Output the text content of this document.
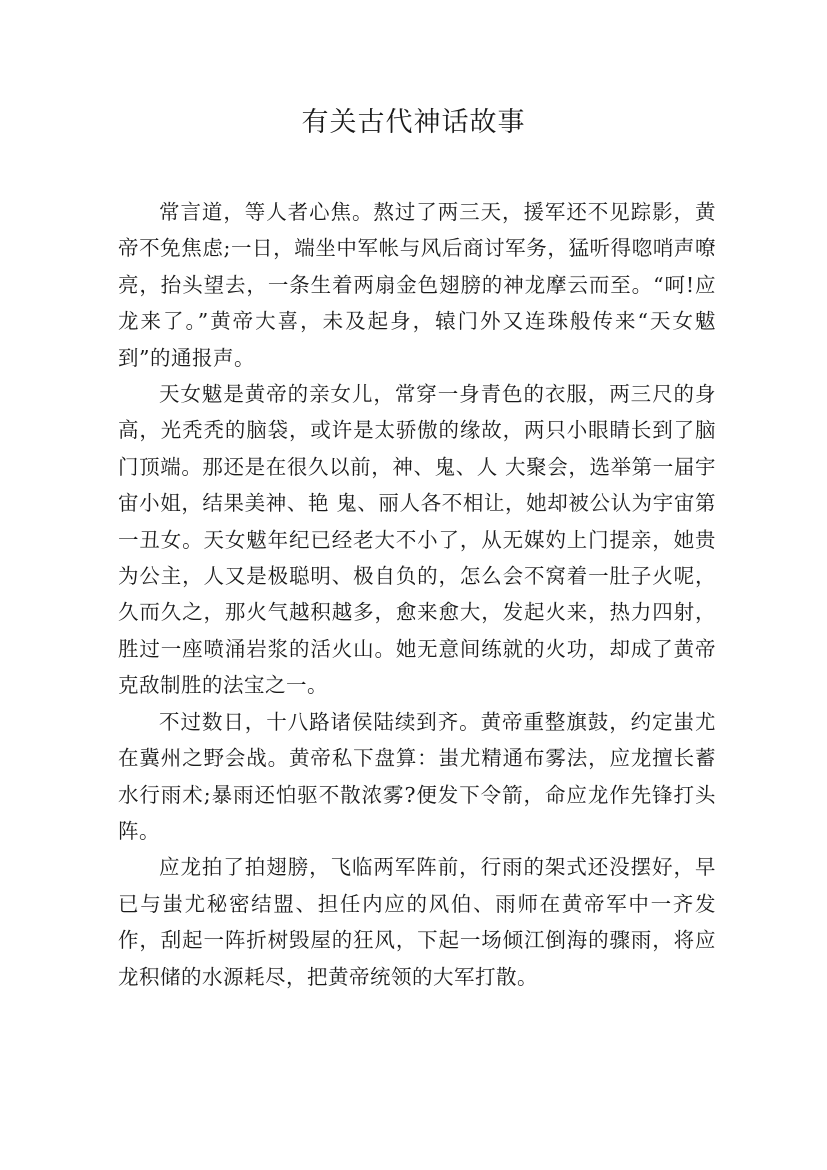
有关古代神话故事

常言道，等人者心焦。熬过了两三天，援军还不见踪影，黄帝不免焦虑;一日，端坐中军帐与风后商讨军务，猛听得唿哨声嘹亮，抬头望去，一条生着两扇金色翅膀的神龙摩云而至。“呵!应龙来了。”黄帝大喜，未及起身，辕门外又连珠般传来“天女魃到”的通报声。

天女魃是黄帝的亲女儿，常穿一身青色的衣服，两三尺的身高，光秃秃的脑袋，或许是太骄傲的缘故，两只小眼睛长到了脑门顶端。那还是在很久以前，神、鬼、人 大聚会，选举第一届宇宙小姐，结果美神、艳 鬼、丽人各不相让，她却被公认为宇宙第一丑女。天女魃年纪已经老大不小了，从无媒妁上门提亲，她贵为公主，人又是极聪明、极自负的，怎么会不窝着一肚子火呢，久而久之，那火气越积越多，愈来愈大，发起火来，热力四射，胜过一座喷涌岩浆的活火山。她无意间练就的火功，却成了黄帝克敌制胜的法宝之一。

不过数日，十八路诸侯陆续到齐。黄帝重整旗鼓，约定蚩尤在冀州之野会战。黄帝私下盘算：蚩尤精通布雾法，应龙擅长蓄水行雨术;暴雨还怕驱不散浓雾?便发下令箭，命应龙作先锋打头阵。

应龙拍了拍翅膀，飞临两军阵前，行雨的架式还没摆好，早已与蚩尤秘密结盟、担任内应的风伯、雨师在黄帝军中一齐发作，刮起一阵折树毁屋的狂风，下起一场倾江倒海的骤雨，将应龙积储的水源耗尽，把黄帝统领的大军打散。
